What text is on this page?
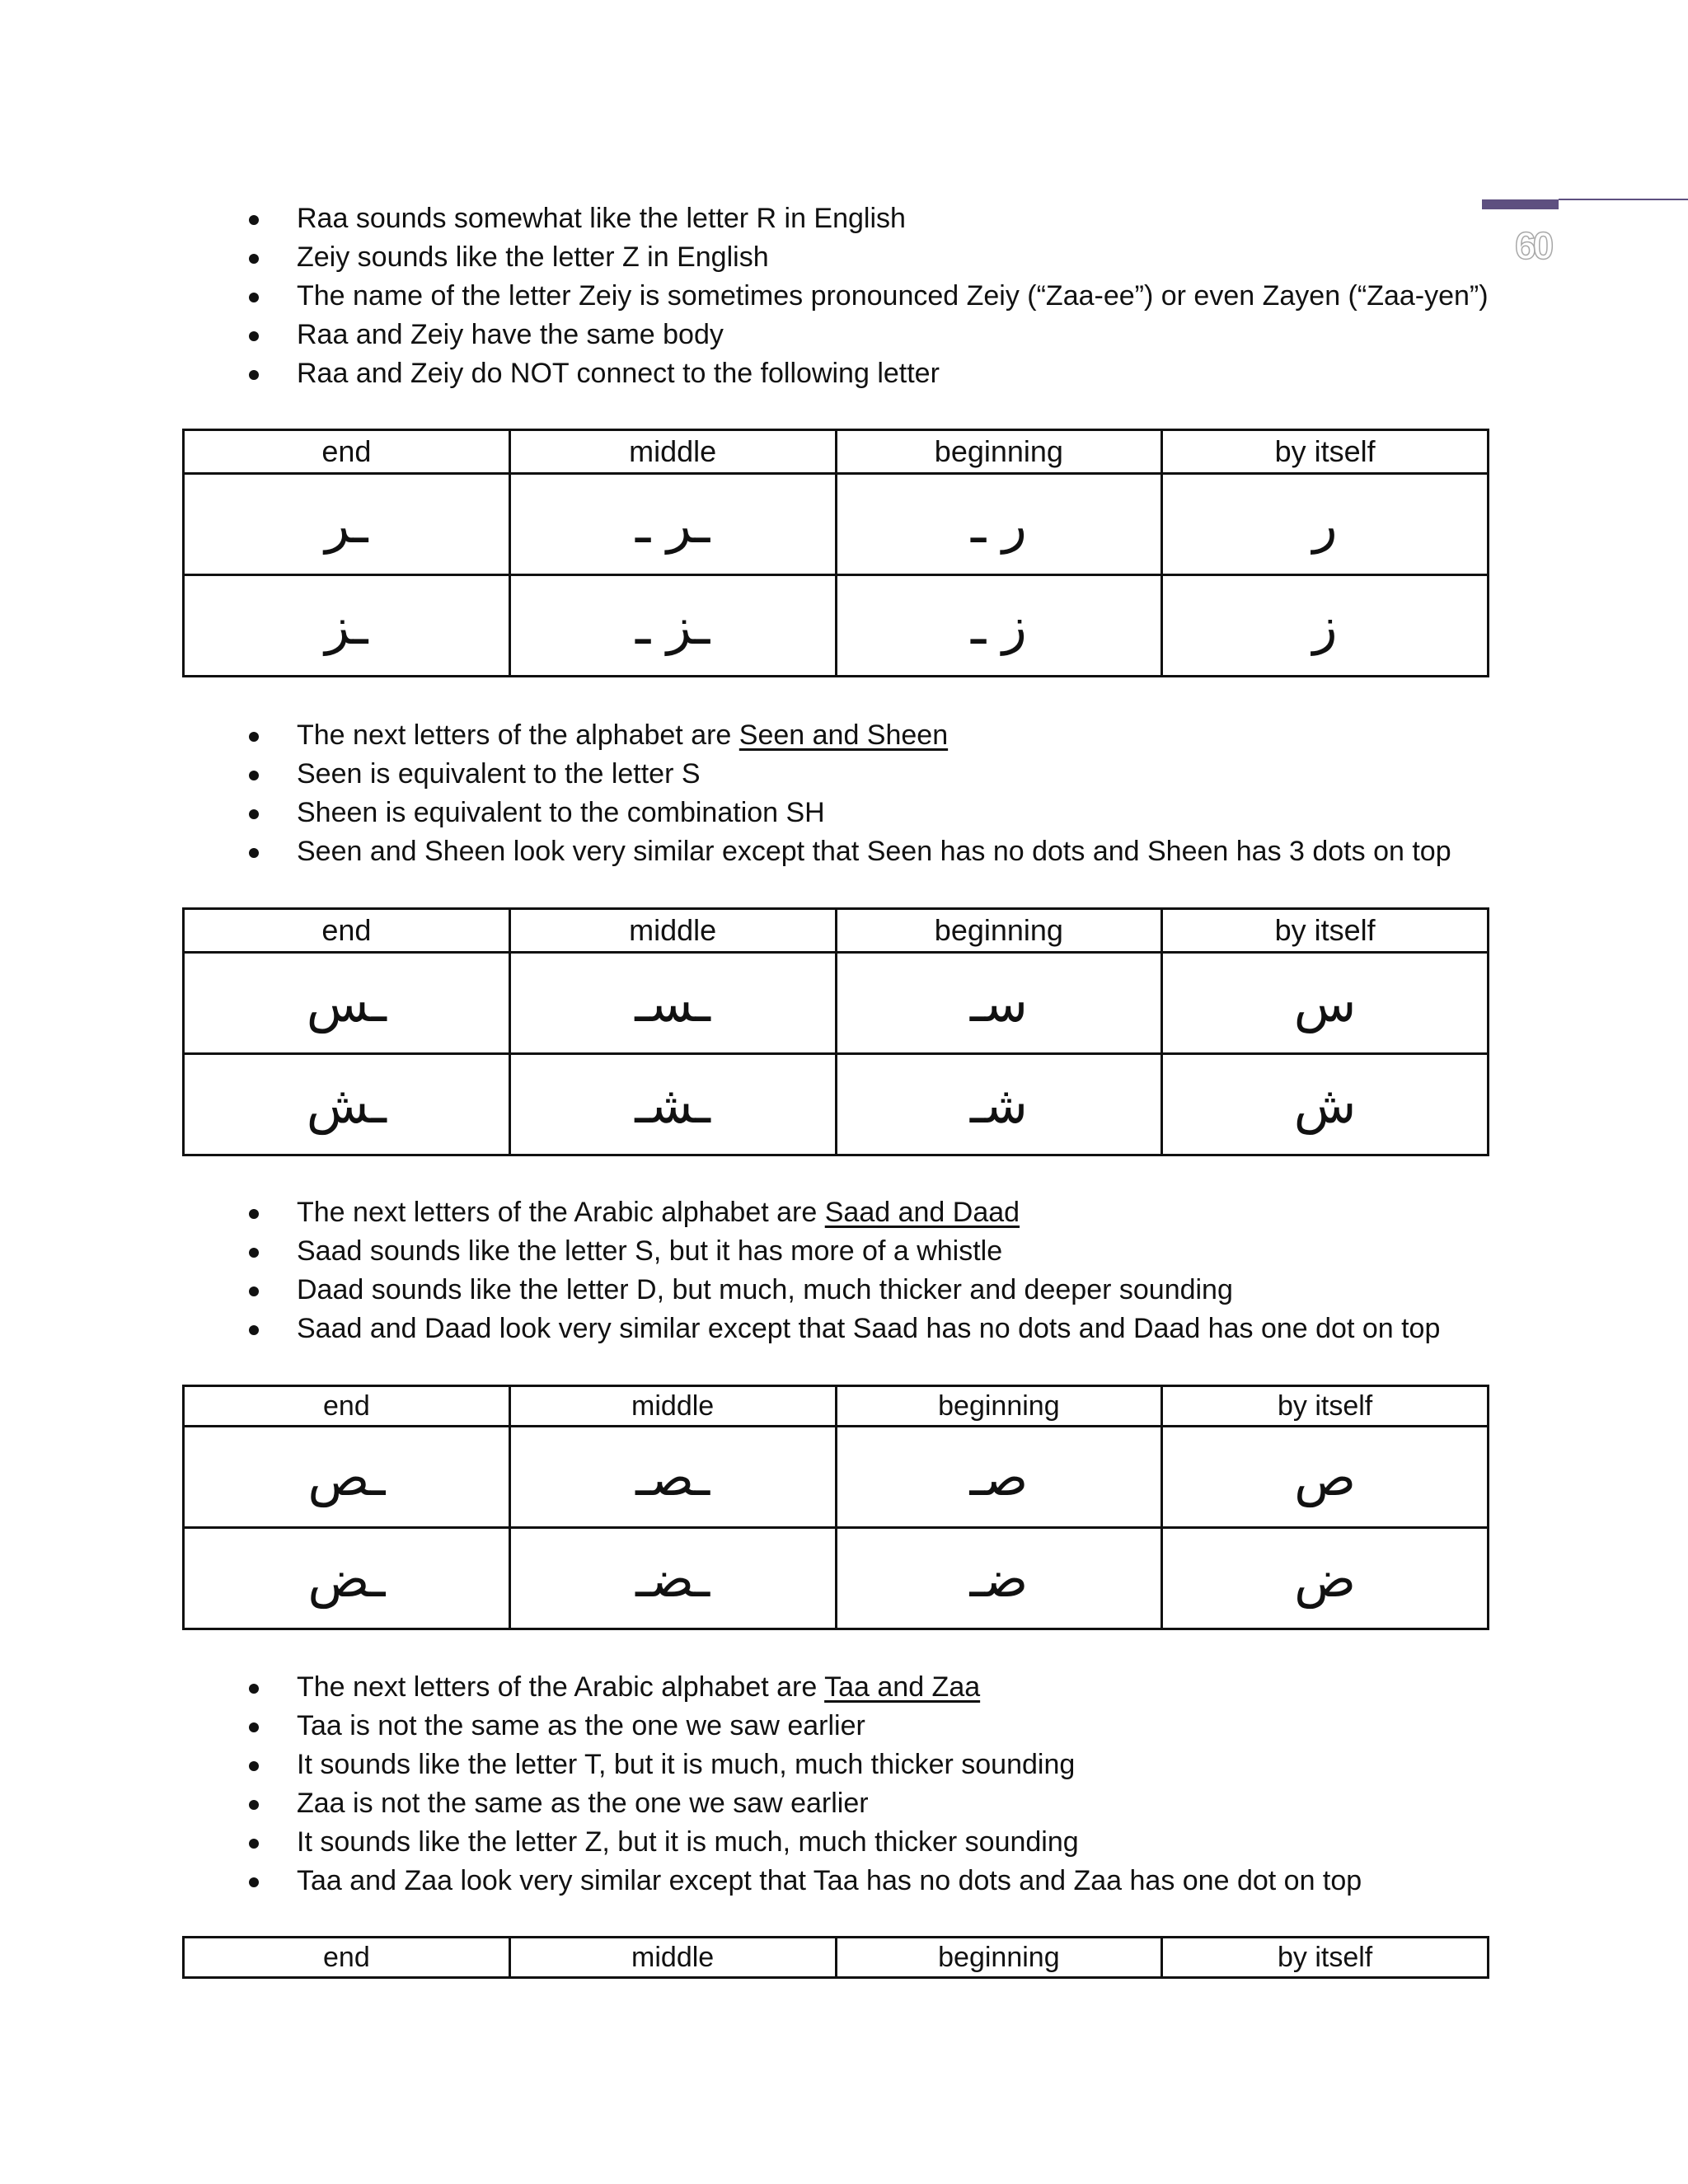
60
Raa sounds somewhat like the letter R in English
Zeiy sounds like the letter Z in English
The name of the letter Zeiy is sometimes pronounced Zeiy (“Zaa-ee”) or even Zayen (“Zaa-yen”)
Raa and Zeiy have the same body
Raa and Zeiy do NOT connect to the following letter
end	middle	beginning	by itself
ـر	ـر ـ	ر ـ	ر
ـز	ـز ـ	ز ـ	ز
The next letters of the alphabet are Seen and Sheen
Seen is equivalent to the letter S
Sheen is equivalent to the combination SH
Seen and Sheen look very similar except that Seen has no dots and Sheen has 3 dots on top
end	middle	beginning	by itself
ـس	ـسـ	سـ	س
ـش	ـشـ	شـ	ش
The next letters of the Arabic alphabet are Saad and Daad
Saad sounds like the letter S, but it has more of a whistle
Daad sounds like the letter D, but much, much thicker and deeper sounding
Saad and Daad look very similar except that Saad has no dots and Daad has one dot on top
end	middle	beginning	by itself
ـص	ـصـ	صـ	ص
ـض	ـضـ	ضـ	ض
The next letters of the Arabic alphabet are Taa and Zaa
Taa is not the same as the one we saw earlier
It sounds like the letter T, but it is much, much thicker sounding
Zaa is not the same as the one we saw earlier
It sounds like the letter Z, but it is much, much thicker sounding
Taa and Zaa look very similar except that Taa has no dots and Zaa has one dot on top
end	middle	beginning	by itself
